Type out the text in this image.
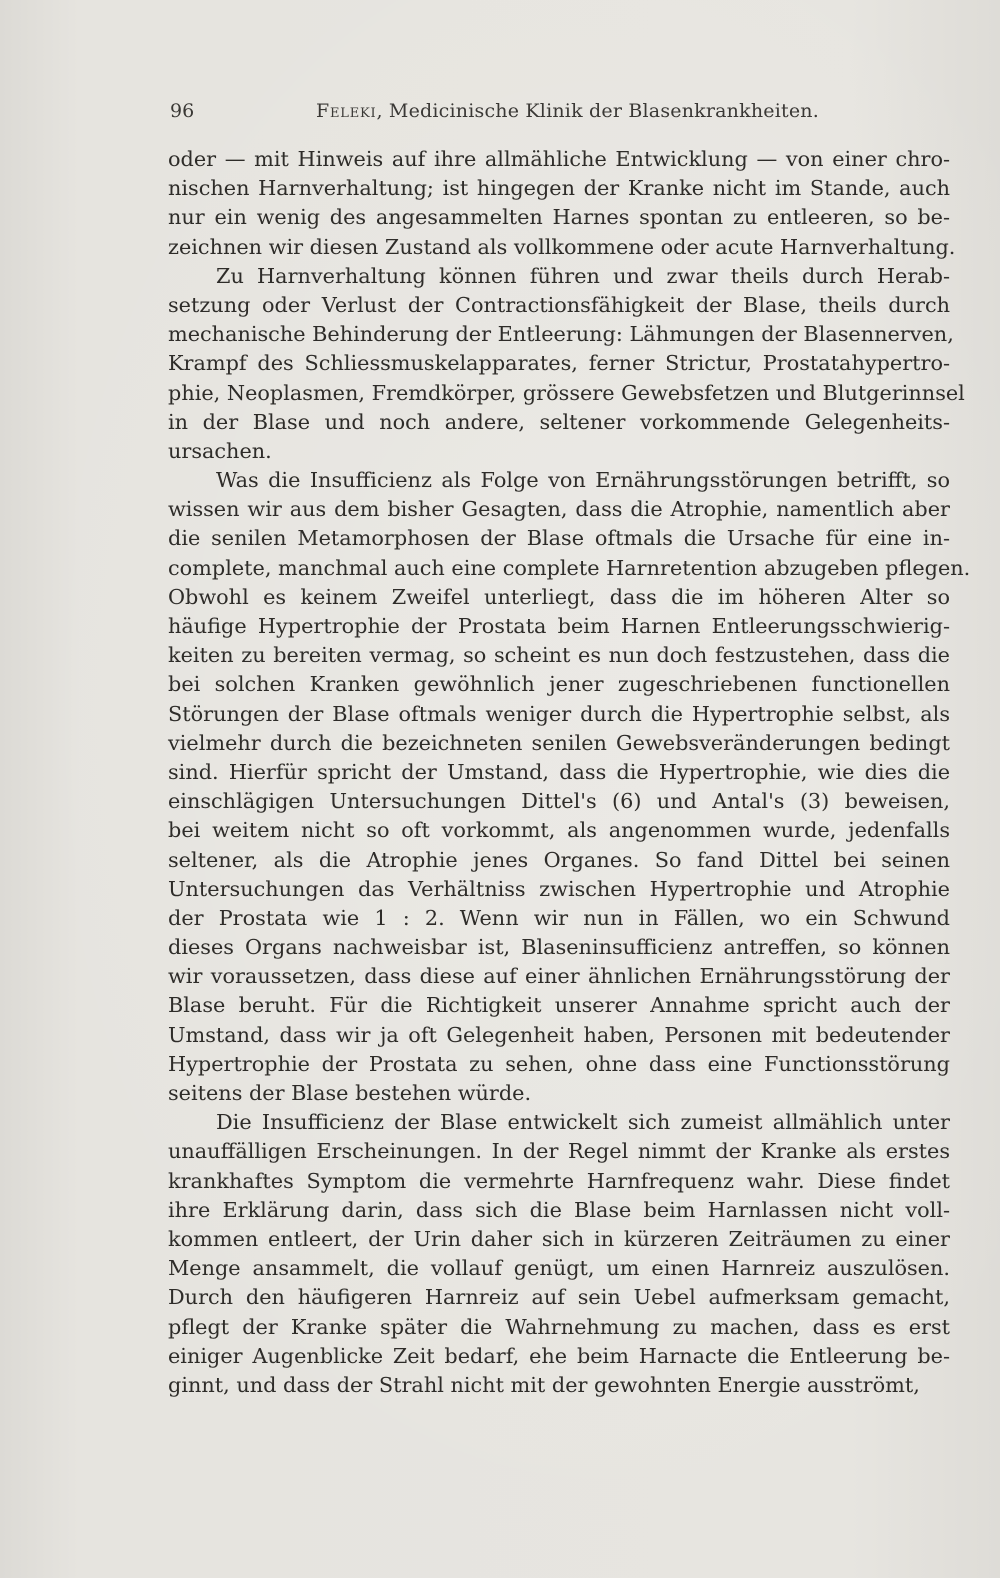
96	Feleki, Medicinische Klinik der Blasenkrankheiten.
oder — mit Hinweis auf ihre allmähliche Entwicklung — von einer chro-
nischen Harnverhaltung; ist hingegen der Kranke nicht im Stande, auch
nur ein wenig des angesammelten Harnes spontan zu entleeren, so be-
zeichnen wir diesen Zustand als vollkommene oder acute Harnverhaltung.
Zu Harnverhaltung können führen und zwar theils durch Herab-
setzung oder Verlust der Contractionsfähigkeit der Blase, theils durch
mechanische Behinderung der Entleerung: Lähmungen der Blasennerven,
Krampf des Schliessmuskelapparates, ferner Strictur, Prostatahypertro-
phie, Neoplasmen, Fremdkörper, grössere Gewebsfetzen und Blutgerinnsel
in der Blase und noch andere, seltener vorkommende Gelegenheits-
ursachen.
Was die Insufficienz als Folge von Ernährungsstörungen betrifft, so
wissen wir aus dem bisher Gesagten, dass die Atrophie, namentlich aber
die senilen Metamorphosen der Blase oftmals die Ursache für eine in-
complete, manchmal auch eine complete Harnretention abzugeben pflegen.
Obwohl es keinem Zweifel unterliegt, dass die im höheren Alter so
häufige Hypertrophie der Prostata beim Harnen Entleerungsschwierig-
keiten zu bereiten vermag, so scheint es nun doch festzustehen, dass die
bei solchen Kranken gewöhnlich jener zugeschriebenen functionellen
Störungen der Blase oftmals weniger durch die Hypertrophie selbst, als
vielmehr durch die bezeichneten senilen Gewebsveränderungen bedingt
sind. Hierfür spricht der Umstand, dass die Hypertrophie, wie dies die
einschlägigen Untersuchungen Dittel's (6) und Antal's (3) beweisen,
bei weitem nicht so oft vorkommt, als angenommen wurde, jedenfalls
seltener, als die Atrophie jenes Organes. So fand Dittel bei seinen
Untersuchungen das Verhältniss zwischen Hypertrophie und Atrophie
der Prostata wie 1 : 2. Wenn wir nun in Fällen, wo ein Schwund
dieses Organs nachweisbar ist, Blaseninsufficienz antreffen, so können
wir voraussetzen, dass diese auf einer ähnlichen Ernährungsstörung der
Blase beruht. Für die Richtigkeit unserer Annahme spricht auch der
Umstand, dass wir ja oft Gelegenheit haben, Personen mit bedeutender
Hypertrophie der Prostata zu sehen, ohne dass eine Functionsstörung
seitens der Blase bestehen würde.
Die Insufficienz der Blase entwickelt sich zumeist allmählich unter
unauffälligen Erscheinungen. In der Regel nimmt der Kranke als erstes
krankhaftes Symptom die vermehrte Harnfrequenz wahr. Diese findet
ihre Erklärung darin, dass sich die Blase beim Harnlassen nicht voll-
kommen entleert, der Urin daher sich in kürzeren Zeiträumen zu einer
Menge ansammelt, die vollauf genügt, um einen Harnreiz auszulösen.
Durch den häufigeren Harnreiz auf sein Uebel aufmerksam gemacht,
pflegt der Kranke später die Wahrnehmung zu machen, dass es erst
einiger Augenblicke Zeit bedarf, ehe beim Harnacte die Entleerung be-
ginnt, und dass der Strahl nicht mit der gewohnten Energie ausströmt,
